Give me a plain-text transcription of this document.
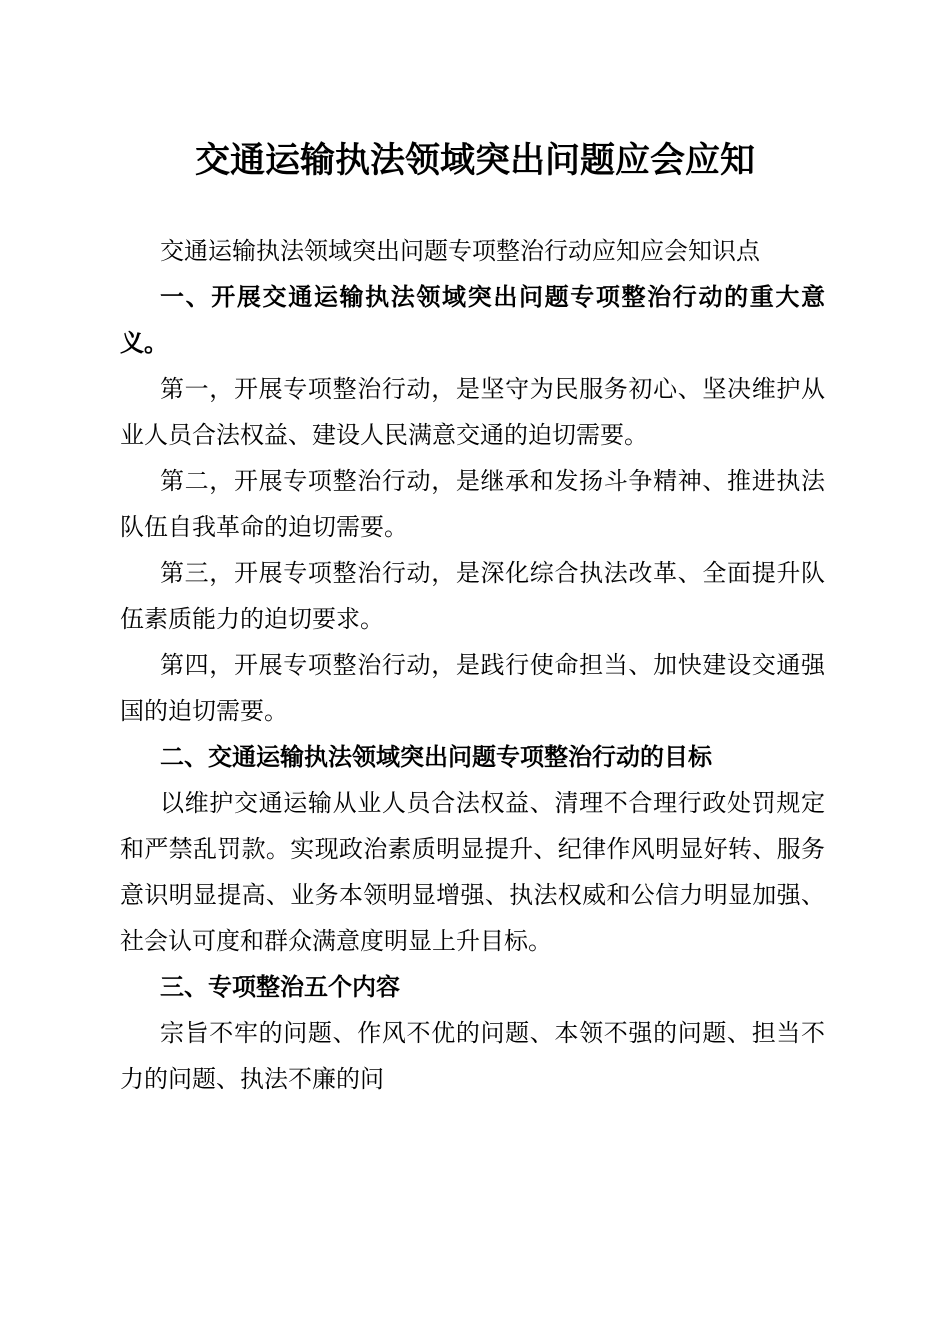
交通运输执法领域突出问题应会应知

交通运输执法领域突出问题专项整治行动应知应会知识点

一、开展交通运输执法领域突出问题专项整治行动的重大意义。

第一，开展专项整治行动，是坚守为民服务初心、坚决维护从业人员合法权益、建设人民满意交通的迫切需要。

第二，开展专项整治行动，是继承和发扬斗争精神、推进执法队伍自我革命的迫切需要。

第三，开展专项整治行动，是深化综合执法改革、全面提升队伍素质能力的迫切要求。

第四，开展专项整治行动，是践行使命担当、加快建设交通强国的迫切需要。

二、交通运输执法领域突出问题专项整治行动的目标

以维护交通运输从业人员合法权益、清理不合理行政处罚规定和严禁乱罚款。实现政治素质明显提升、纪律作风明显好转、服务意识明显提高、业务本领明显增强、执法权威和公信力明显加强、社会认可度和群众满意度明显上升目标。

三、专项整治五个内容

宗旨不牢的问题、作风不优的问题、本领不强的问题、担当不力的问题、执法不廉的问
